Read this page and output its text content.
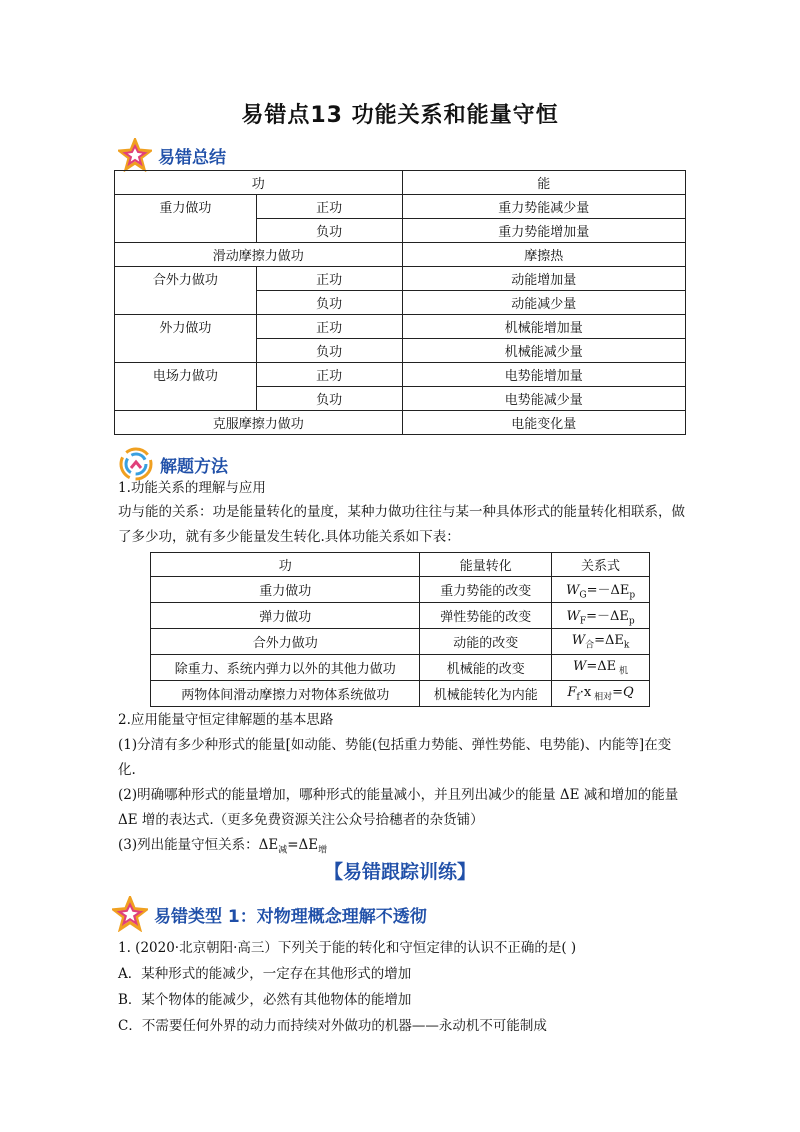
易错点13 功能关系和能量守恒
易错总结
功		能
重力做功	正功	重力势能减少量
	负功	重力势能增加量
滑动摩擦力做功		摩擦热
合外力做功	正功	动能增加量
	负功	动能减少量
外力做功	正功	机械能增加量
	负功	机械能减少量
电场力做功	正功	电势能增加量
	负功	电势能减少量
克服摩擦力做功		电能变化量
解题方法

1.功能关系的理解与应用

功与能的关系：功是能量转化的量度，某种力做功往往与某一种具体形式的能量转化相联系，做了多少功，就有多少能量发生转化.具体功能关系如下表：

功	能量转化	关系式
重力做功	重力势能的改变	$W_G=-\Delta E_p$
弹力做功	弹性势能的改变	$W_F=-\Delta E_p$
合外力做功	动能的改变	$W_合=\Delta E_k$
除重力、系统内弹力以外的其他力做功	机械能的改变	W=ΔE $_机$
两物体间滑动摩擦力对物体系统做功	机械能转化为内能	$F_f\cdot x$ $_{相对}$=Q

2.应用能量守恒定律解题的基本思路

(1)分清有多少种形式的能量[如动能、势能(包括重力势能、弹性势能、电势能)、内能等]在变化.

(2)明确哪种形式的能量增加，哪种形式的能量减小，并且列出减少的能量 ΔE 减和增加的能量 ΔE 增的表达式.（更多免费资源关注公众号拾穗者的杂货铺）

(3)列出能量守恒关系：$\Delta E_减=\Delta E_增$

【易错跟踪训练】
易错类型 1：对物理概念理解不透彻

1. (2020·北京朝阳·高三）下列关于能的转化和守恒定律的认识不正确的是( )

A．某种形式的能减少，一定存在其他形式的增加

B．某个物体的能减少，必然有其他物体的能增加

C．不需要任何外界的动力而持续对外做功的机器——永动机不可能制成
